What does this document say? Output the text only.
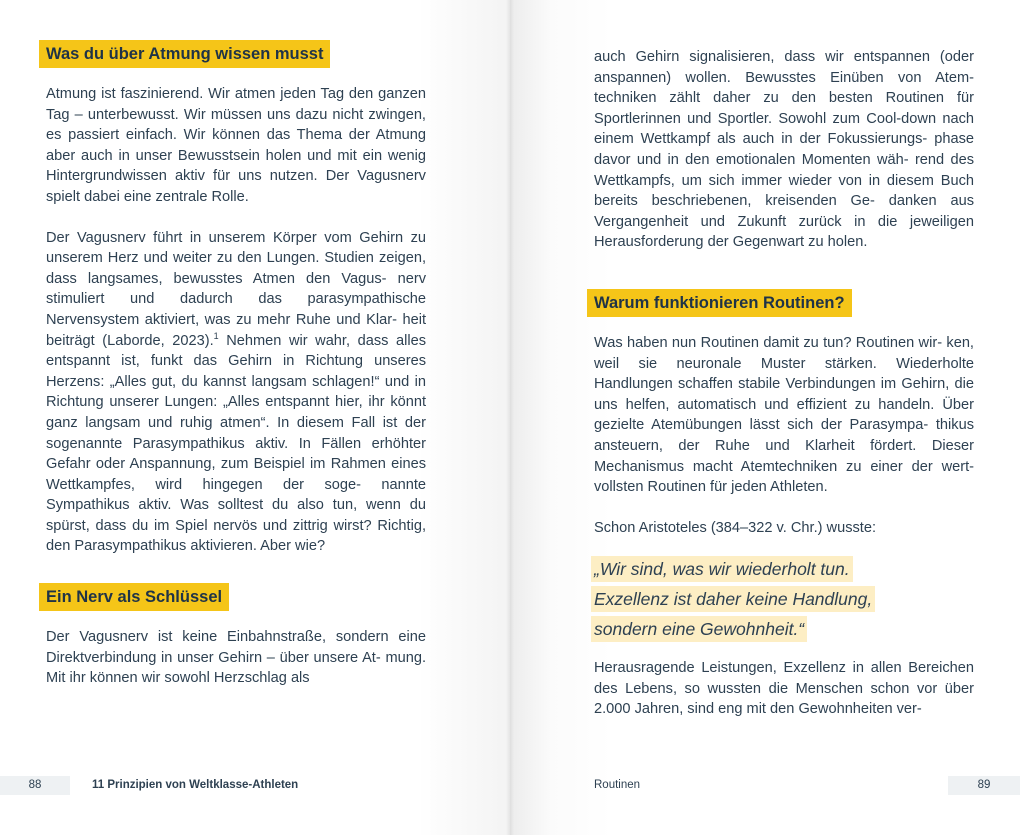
Was du über Atmung wissen musst
Atmung ist faszinierend. Wir atmen jeden Tag den ganzen Tag – unterbewusst. Wir müssen uns dazu nicht zwingen, es passiert einfach. Wir können das Thema der Atmung aber auch in unser Bewusstsein holen und mit ein wenig Hintergrundwissen aktiv für uns nutzen. Der Vagusnerv spielt dabei eine zentrale Rolle.
Der Vagusnerv führt in unserem Körper vom Gehirn zu unserem Herz und weiter zu den Lungen. Studien zeigen, dass langsames, bewusstes Atmen den Vagus- nerv stimuliert und dadurch das parasympathische Nervensystem aktiviert, was zu mehr Ruhe und Klar- heit beiträgt (Laborde, 2023).$^1$ Nehmen wir wahr, dass alles entspannt ist, funkt das Gehirn in Richtung unseres Herzens: „Alles gut, du kannst langsam schlagen!“ und in Richtung unserer Lungen: „Alles entspannt hier, ihr könnt ganz langsam und ruhig atmen“. In diesem Fall ist der sogenannte Parasympathikus aktiv. In Fällen erhöhter Gefahr oder Anspannung, zum Beispiel im Rahmen eines Wettkampfes, wird hingegen der soge- nannte Sympathikus aktiv. Was solltest du also tun, wenn du spürst, dass du im Spiel nervös und zittrig wirst? Richtig, den Parasympathikus aktivieren. Aber wie?
Ein Nerv als Schlüssel
Der Vagusnerv ist keine Einbahnstraße, sondern eine Direktverbindung in unser Gehirn – über unsere At- mung. Mit ihr können wir sowohl Herzschlag als
auch Gehirn signalisieren, dass wir entspannen (oder anspannen) wollen. Bewusstes Einüben von Atem- techniken zählt daher zu den besten Routinen für Sportlerinnen und Sportler. Sowohl zum Cool-down nach einem Wettkampf als auch in der Fokussierungs- phase davor und in den emotionalen Momenten wäh- rend des Wettkampfs, um sich immer wieder von in diesem Buch bereits beschriebenen, kreisenden Ge- danken aus Vergangenheit und Zukunft zurück in die jeweiligen Herausforderung der Gegenwart zu holen.
Warum funktionieren Routinen?
Was haben nun Routinen damit zu tun? Routinen wir- ken, weil sie neuronale Muster stärken. Wiederholte Handlungen schaffen stabile Verbindungen im Gehirn, die uns helfen, automatisch und effizient zu handeln. Über gezielte Atemübungen lässt sich der Parasympa- thikus ansteuern, der Ruhe und Klarheit fördert. Dieser Mechanismus macht Atemtechniken zu einer der wert- vollsten Routinen für jeden Athleten.
Schon Aristoteles (384–322 v. Chr.) wusste:
„Wir sind, was wir wiederholt tun.
Exzellenz ist daher keine Handlung,
sondern eine Gewohnheit.“
Herausragende Leistungen, Exzellenz in allen Bereichen des Lebens, so wussten die Menschen schon vor über 2.000 Jahren, sind eng mit den Gewohnheiten ver-
88	11 Prinzipien von Weltklasse-Athleten	Routinen	89
